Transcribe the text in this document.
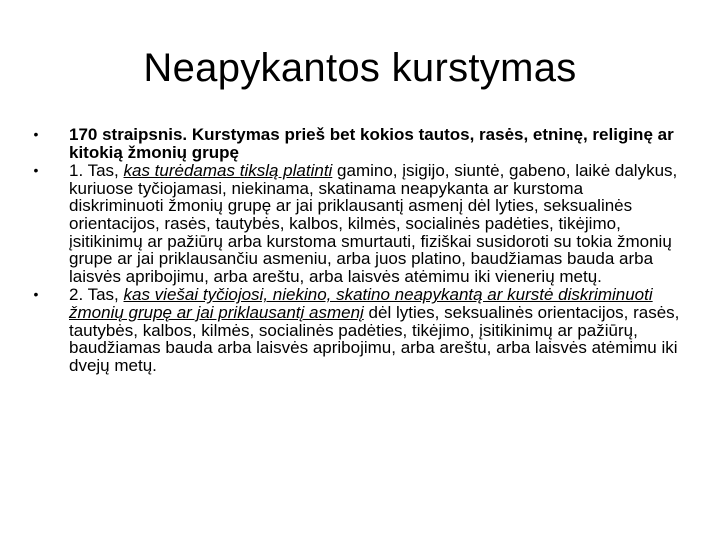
Neapykantos kurstymas
• 170 straipsnis. Kurstymas prieš bet kokios tautos, rasės, etninę, religinę ar kitokią žmonių grupę
• 1. Tas, kas turėdamas tikslą platinti gamino, įsigijo, siuntė, gabeno, laikė dalykus, kuriuose tyčiojamasi, niekinama, skatinama neapykanta ar kurstoma diskriminuoti žmonių grupę ar jai priklausantį asmenį dėl lyties, seksualinės orientacijos, rasės, tautybės, kalbos, kilmės, socialinės padėties, tikėjimo, įsitikinimų ar pažiūrų arba kurstoma smurtauti, fiziškai susidoroti su tokia žmonių grupe ar jai priklausančiu asmeniu, arba juos platino, baudžiamas bauda arba laisvės apribojimu, arba areštu, arba laisvės atėmimu iki vienerių metų.
• 2. Tas, kas viešai tyčiojosi, niekino, skatino neapykantą ar kurstė diskriminuoti žmonių grupę ar jai priklausantį asmenį dėl lyties, seksualinės orientacijos, rasės, tautybės, kalbos, kilmės, socialinės padėties, tikėjimo, įsitikinimų ar pažiūrų, baudžiamas bauda arba laisvės apribojimu, arba areštu, arba laisvės atėmimu iki dvejų metų.
